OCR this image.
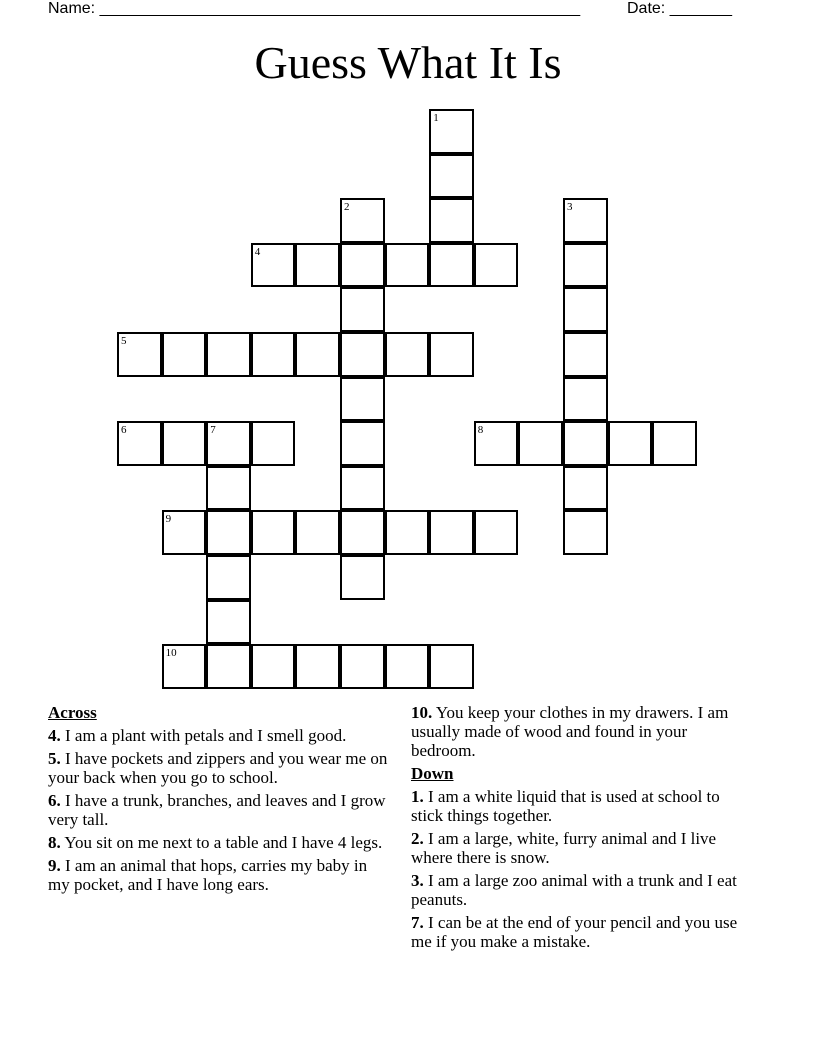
Name: ______________________________________________________	Date: _______
Guess What It Is
1
2	3
4
5
6	7	8
9
10
Across
4. I am a plant with petals and I smell good.
5. I have pockets and zippers and you wear me on your back when you go to school.
6. I have a trunk, branches, and leaves and I grow very tall.
8. You sit on me next to a table and I have 4 legs.
9. I am an animal that hops, carries my baby in my pocket, and I have long ears.
10. You keep your clothes in my drawers. I am usually made of wood and found in your bedroom.
Down
1. I am a white liquid that is used at school to stick things together.
2. I am a large, white, furry animal and I live where there is snow.
3. I am a large zoo animal with a trunk and I eat peanuts.
7. I can be at the end of your pencil and you use me if you make a mistake.
